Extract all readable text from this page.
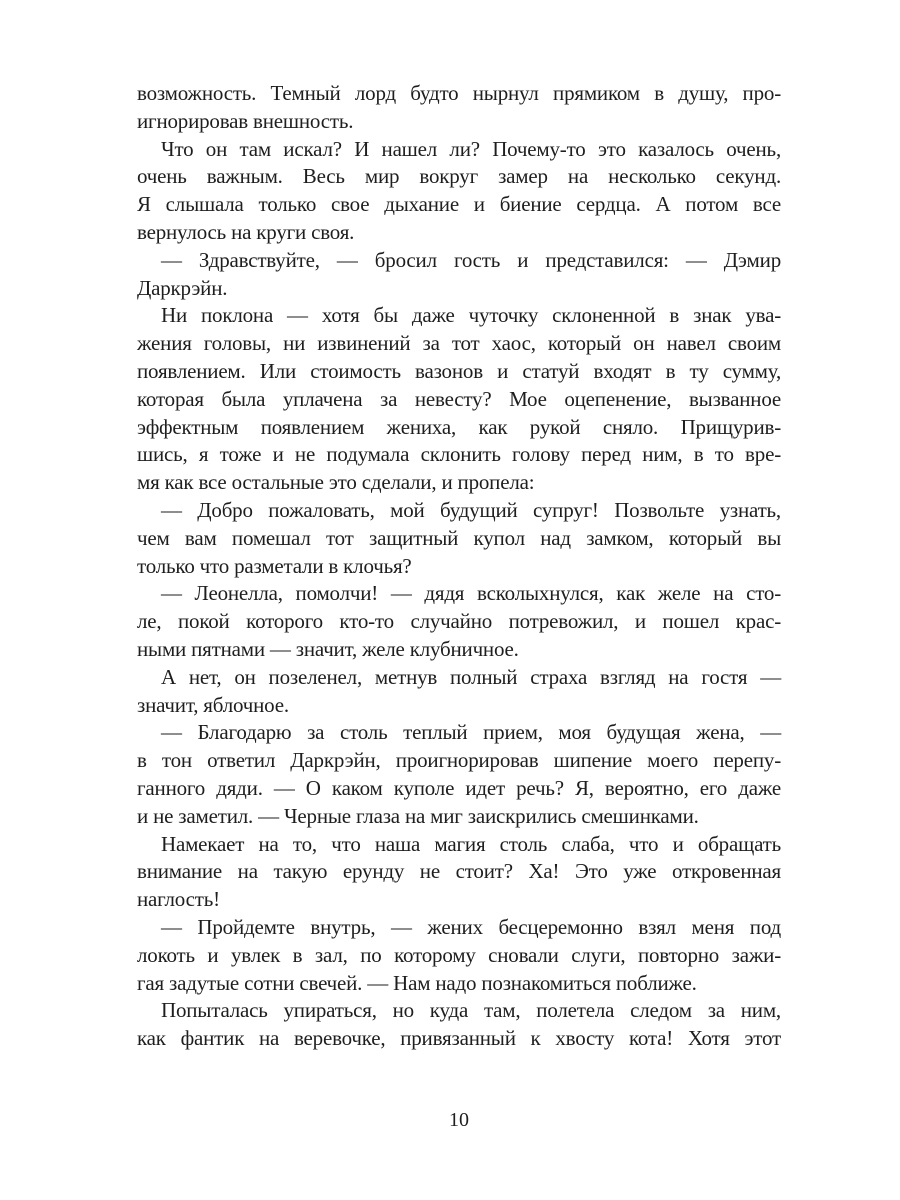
возможность. Темный лорд будто нырнул прямиком в душу, про-
игнорировав внешность.
Что он там искал? И нашел ли? Почему-то это казалось очень,
очень важным. Весь мир вокруг замер на несколько секунд.
Я слышала только свое дыхание и биение сердца. А потом все
вернулось на круги своя.
— Здравствуйте, — бросил гость и представился: — Дэмир
Даркрэйн.
Ни поклона — хотя бы даже чуточку склоненной в знак ува-
жения головы, ни извинений за тот хаос, который он навел своим
появлением. Или стоимость вазонов и статуй входят в ту сумму,
которая была уплачена за невесту? Мое оцепенение, вызванное
эффектным появлением жениха, как рукой сняло. Прищурив-
шись, я тоже и не подумала склонить голову перед ним, в то вре-
мя как все остальные это сделали, и пропела:
— Добро пожаловать, мой будущий супруг! Позвольте узнать,
чем вам помешал тот защитный купол над замком, который вы
только что разметали в клочья?
— Леонелла, помолчи! — дядя всколыхнулся, как желе на сто-
ле, покой которого кто-то случайно потревожил, и пошел крас-
ными пятнами — значит, желе клубничное.
А нет, он позеленел, метнув полный страха взгляд на гостя —
значит, яблочное.
— Благодарю за столь теплый прием, моя будущая жена, —
в тон ответил Даркрэйн, проигнорировав шипение моего перепу-
ганного дяди. — О каком куполе идет речь? Я, вероятно, его даже
и не заметил. — Черные глаза на миг заискрились смешинками.
Намекает на то, что наша магия столь слаба, что и обращать
внимание на такую ерунду не стоит? Ха! Это уже откровенная
наглость!
— Пройдемте внутрь, — жених бесцеремонно взял меня под
локоть и увлек в зал, по которому сновали слуги, повторно зажи-
гая задутые сотни свечей. — Нам надо познакомиться поближе.
Попыталась упираться, но куда там, полетела следом за ним,
как фантик на веревочке, привязанный к хвосту кота! Хотя этот
10
